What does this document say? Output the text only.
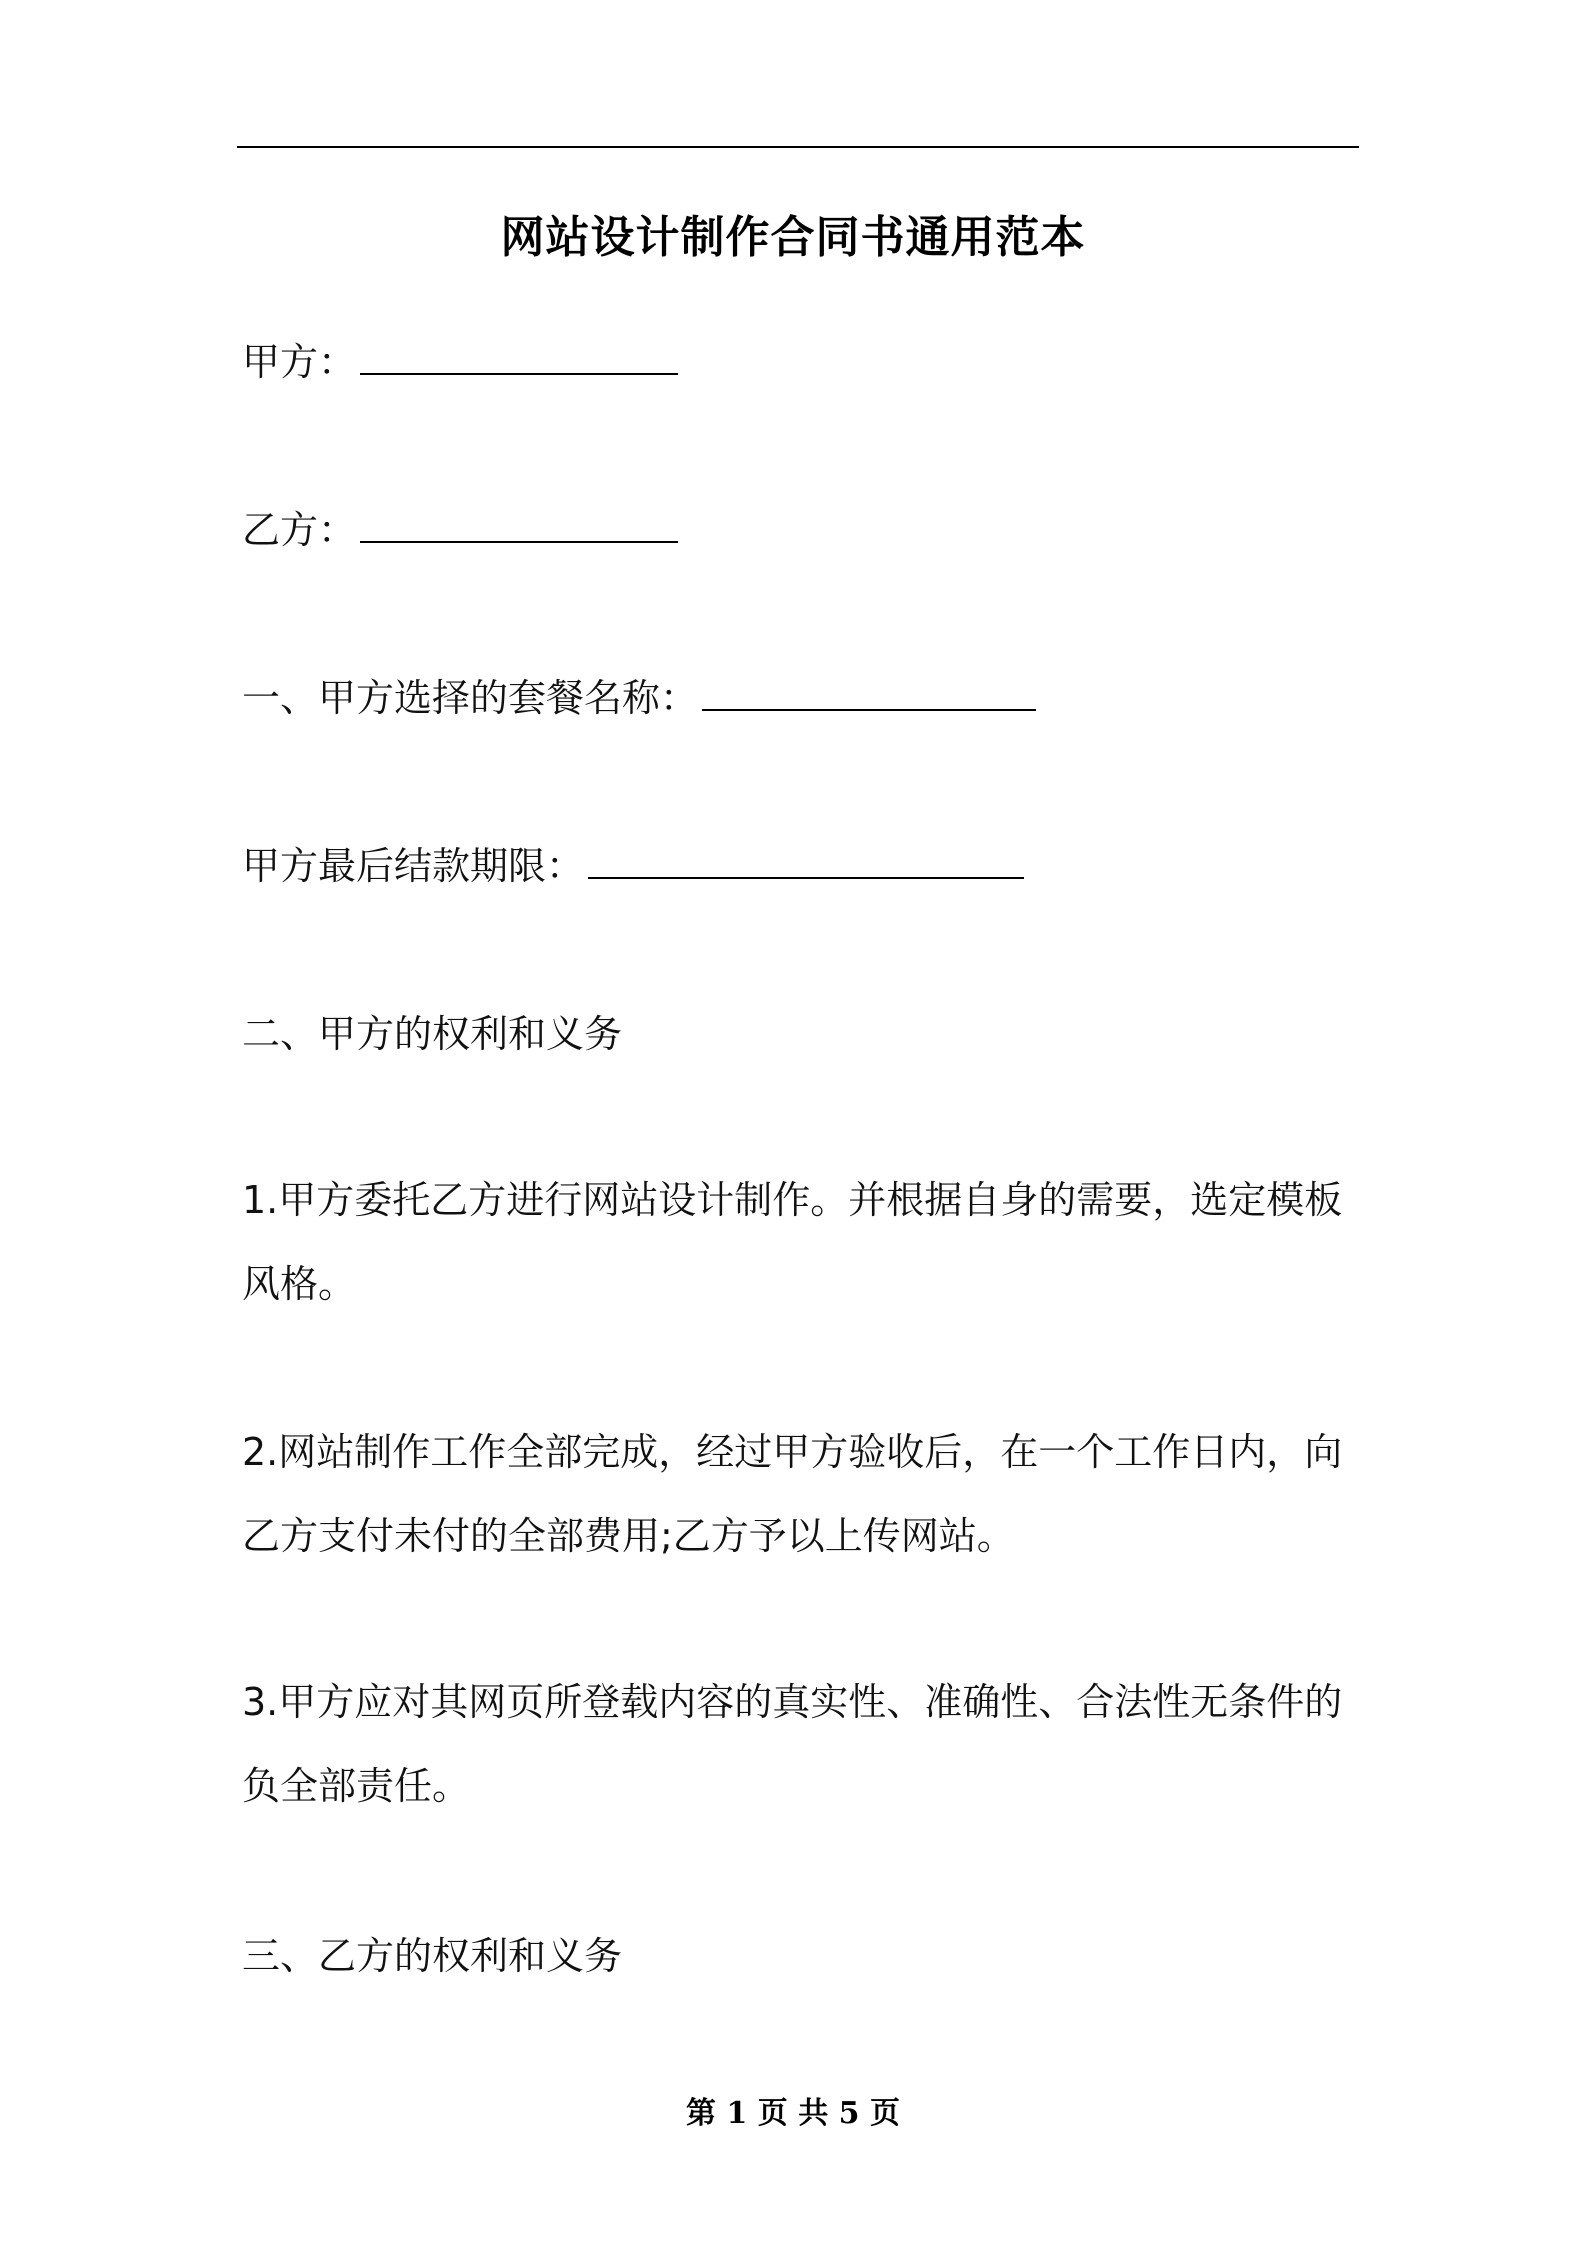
网站设计制作合同书通用范本
甲方：
乙方：
一、甲方选择的套餐名称：
甲方最后结款期限：
二、甲方的权利和义务
1.甲方委托乙方进行网站设计制作。并根据自身的需要，选定模板风格。
2.网站制作工作全部完成，经过甲方验收后，在一个工作日内，向乙方支付未付的全部费用;乙方予以上传网站。
3.甲方应对其网页所登载内容的真实性、准确性、合法性无条件的负全部责任。
三、乙方的权利和义务
第 1 页 共 5 页
